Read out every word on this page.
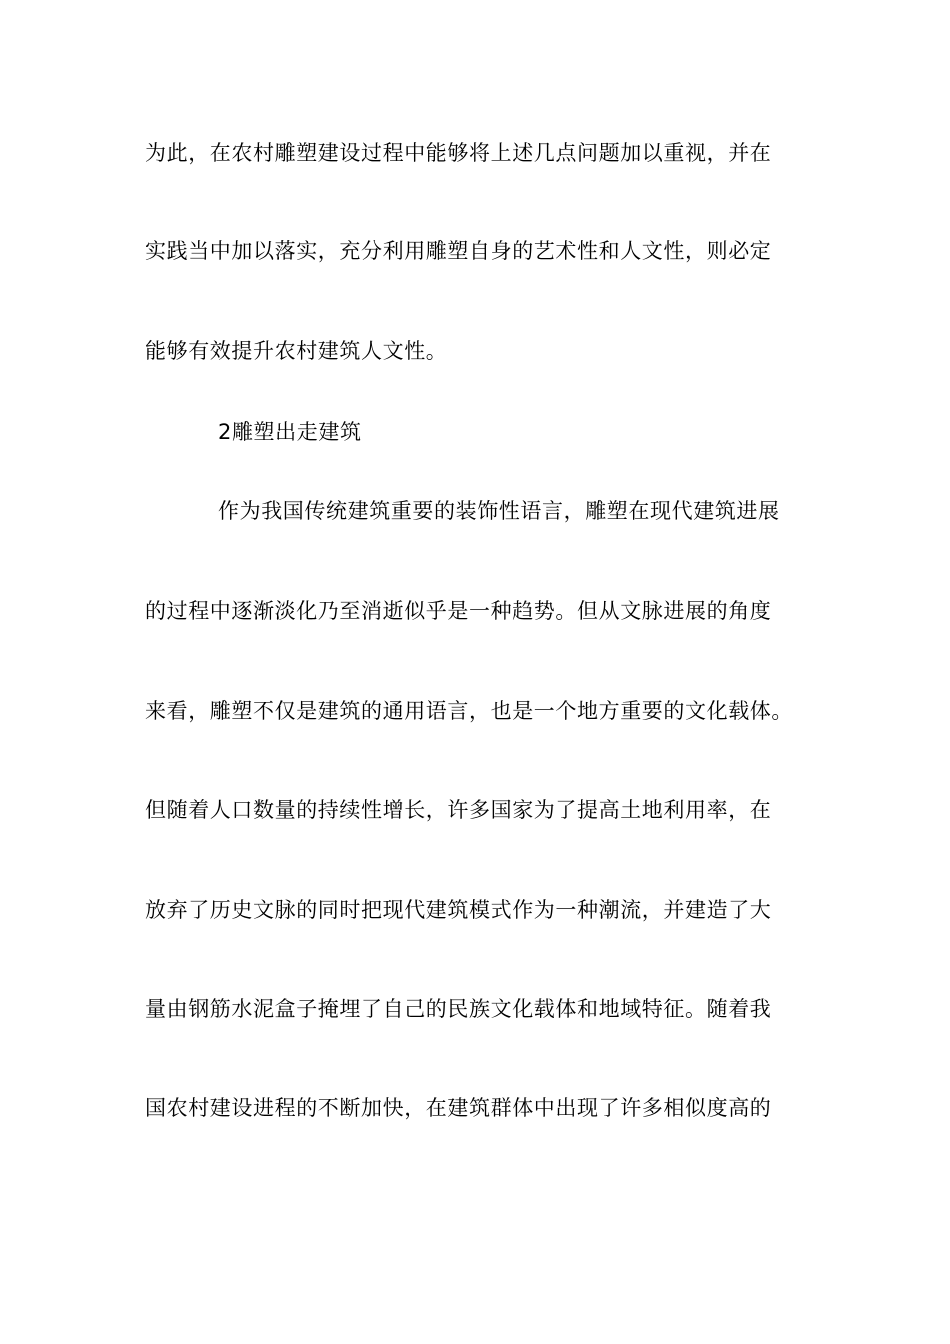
为此，在农村雕塑建设过程中能够将上述几点问题加以重视，并在
实践当中加以落实，充分利用雕塑自身的艺术性和人文性，则必定
能够有效提升农村建筑人文性。
2雕塑出走建筑
作为我国传统建筑重要的装饰性语言，雕塑在现代建筑进展
的过程中逐渐淡化乃至消逝似乎是一种趋势。但从文脉进展的角度
来看，雕塑不仅是建筑的通用语言，也是一个地方重要的文化载体。
但随着人口数量的持续性增长，许多国家为了提高土地利用率，在
放弃了历史文脉的同时把现代建筑模式作为一种潮流，并建造了大
量由钢筋水泥盒子掩埋了自己的民族文化载体和地域特征。随着我
国农村建设进程的不断加快，在建筑群体中出现了许多相似度高的
